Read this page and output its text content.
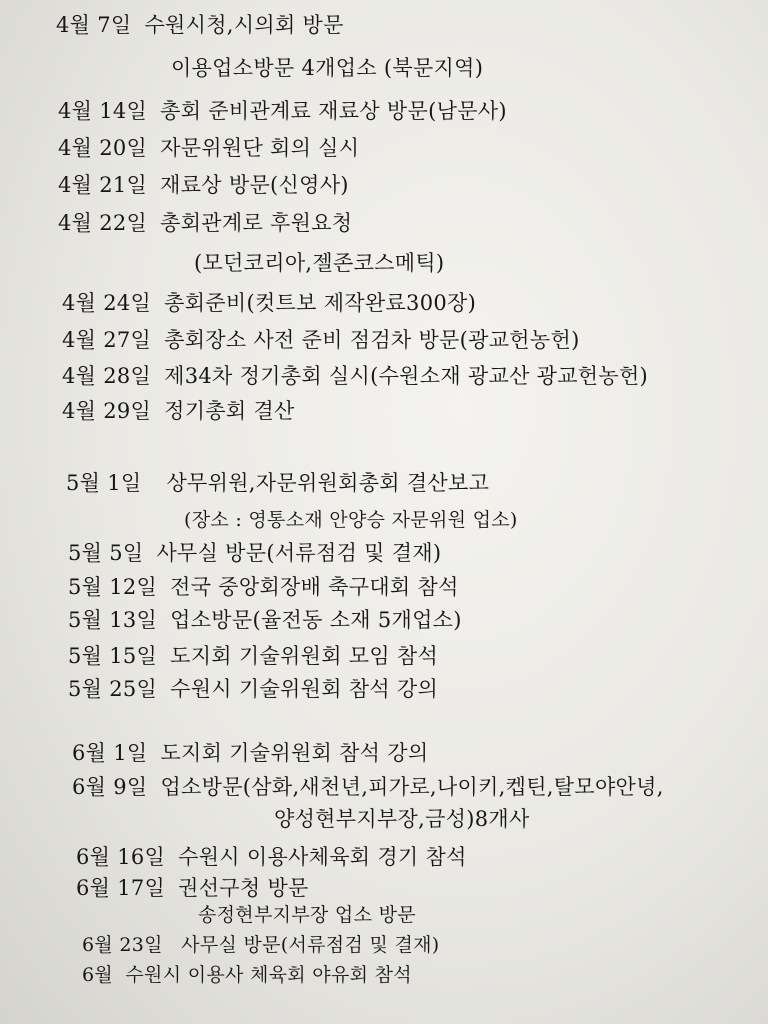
4월 7일 수원시청,시의회 방문
이용업소방문 4개업소 (북문지역)
4월 14일 총회 준비관계료 재료상 방문(남문사)
4월 20일 자문위원단 회의 실시
4월 21일 재료상 방문(신영사)
4월 22일 총회관계로 후원요청
(모던코리아,젤존코스메틱)
4월 24일 총회준비(컷트보 제작완료300장)
4월 27일 총회장소 사전 준비 점검차 방문(광교헌농헌)
4월 28일 제34차 정기총회 실시(수원소재 광교산 광교헌농헌)
4월 29일 정기총회 결산
5월 1일 상무위원,자문위원회총회 결산보고
(장소 : 영통소재 안양승 자문위원 업소)
5월 5일 사무실 방문(서류점검 및 결재)
5월 12일 전국 중앙회장배 축구대회 참석
5월 13일 업소방문(율전동 소재 5개업소)
5월 15일 도지회 기술위원회 모임 참석
5월 25일 수원시 기술위원회 참석 강의
6월 1일 도지회 기술위원회 참석 강의
6월 9일 업소방문(삼화,새천년,피가로,나이키,켑틴,탈모야안녕,
양성현부지부장,금성)8개사
6월 16일 수원시 이용사체육회 경기 참석
6월 17일 권선구청 방문
송정현부지부장 업소 방문
6월 23일 사무실 방문(서류점검 및 결재)
6월 수원시 이용사 체육회 야유회 참석
